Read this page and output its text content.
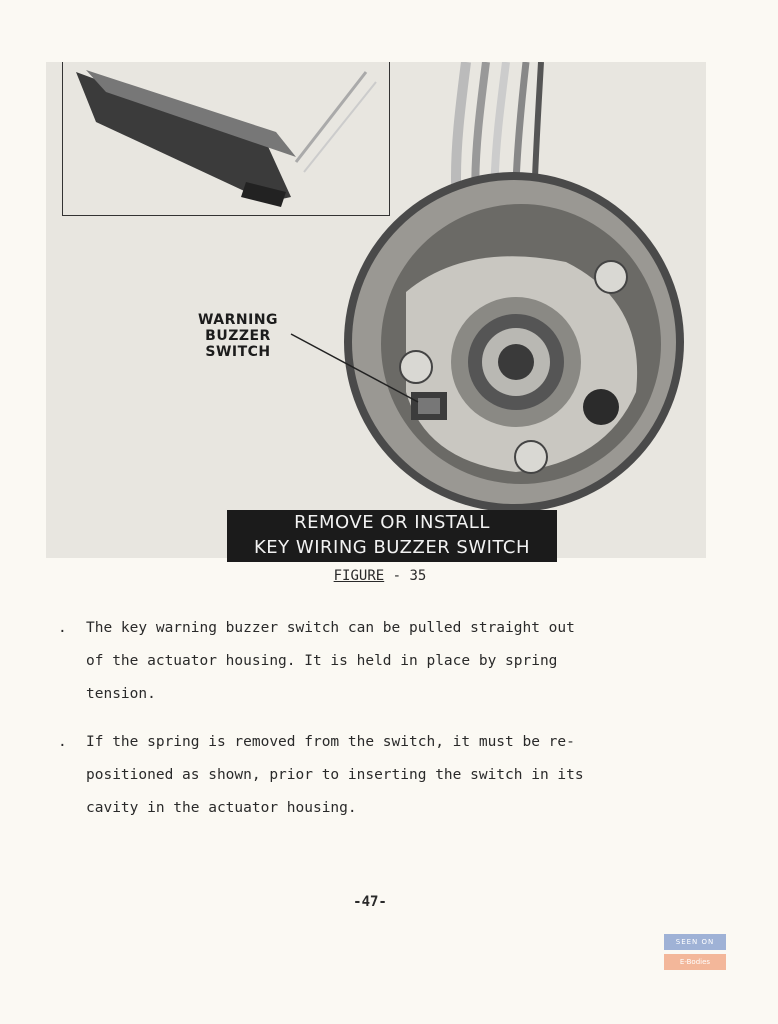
WARNING
BUZZER
SWITCH
REMOVE OR INSTALL
KEY WIRING BUZZER SWITCH
FIGURE - 35
. The key warning buzzer switch can be pulled straight out
of the actuator housing. It is held in place by spring
tension.
. If the spring is removed from the switch, it must be re-
positioned as shown, prior to inserting the switch in its
cavity in the actuator housing.
-47-
SEEN ON
E-Bodies
